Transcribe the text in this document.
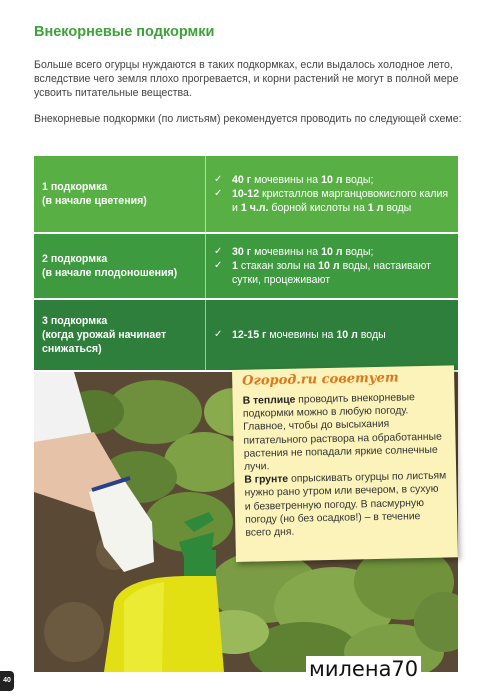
Внекорневые подкормки

Больше всего огурцы нуждаются в таких подкормках, если выдалось холодное лето, вследствие чего земля плохо прогревается, и корни растений не могут в полной мере усвоить питательные вещества.

Внекорневые подкормки (по листьям) рекомендуется проводить по следующей схеме:

1 подкормка
(в начале цветения)
✓ 40 г мочевины на 10 л воды;
✓ 10-12 кристаллов марганцовокислого калия и 1 ч.л. борной кислоты на 1 л воды
2 подкормка
(в начале плодоношения)
✓ 30 г мочевины на 10 л воды;
✓ 1 стакан золы на 10 л воды, настаивают сутки, процеживают
3 подкормка
(когда урожай начинает снижаться)
✓ 12-15 г мочевины на 10 л воды
Огород.ru советует

В теплице проводить внекорневые подкормки можно в любую погоду. Главное, чтобы до высыхания питательного раствора на обработанные растения не попадали яркие солнечные лучи.

В грунте опрыскивать огурцы по листьям нужно рано утром или вечером, в сухую и безветренную погоду. В пасмурную погоду (но без осадков!) – в течение всего дня.

милена70
40
